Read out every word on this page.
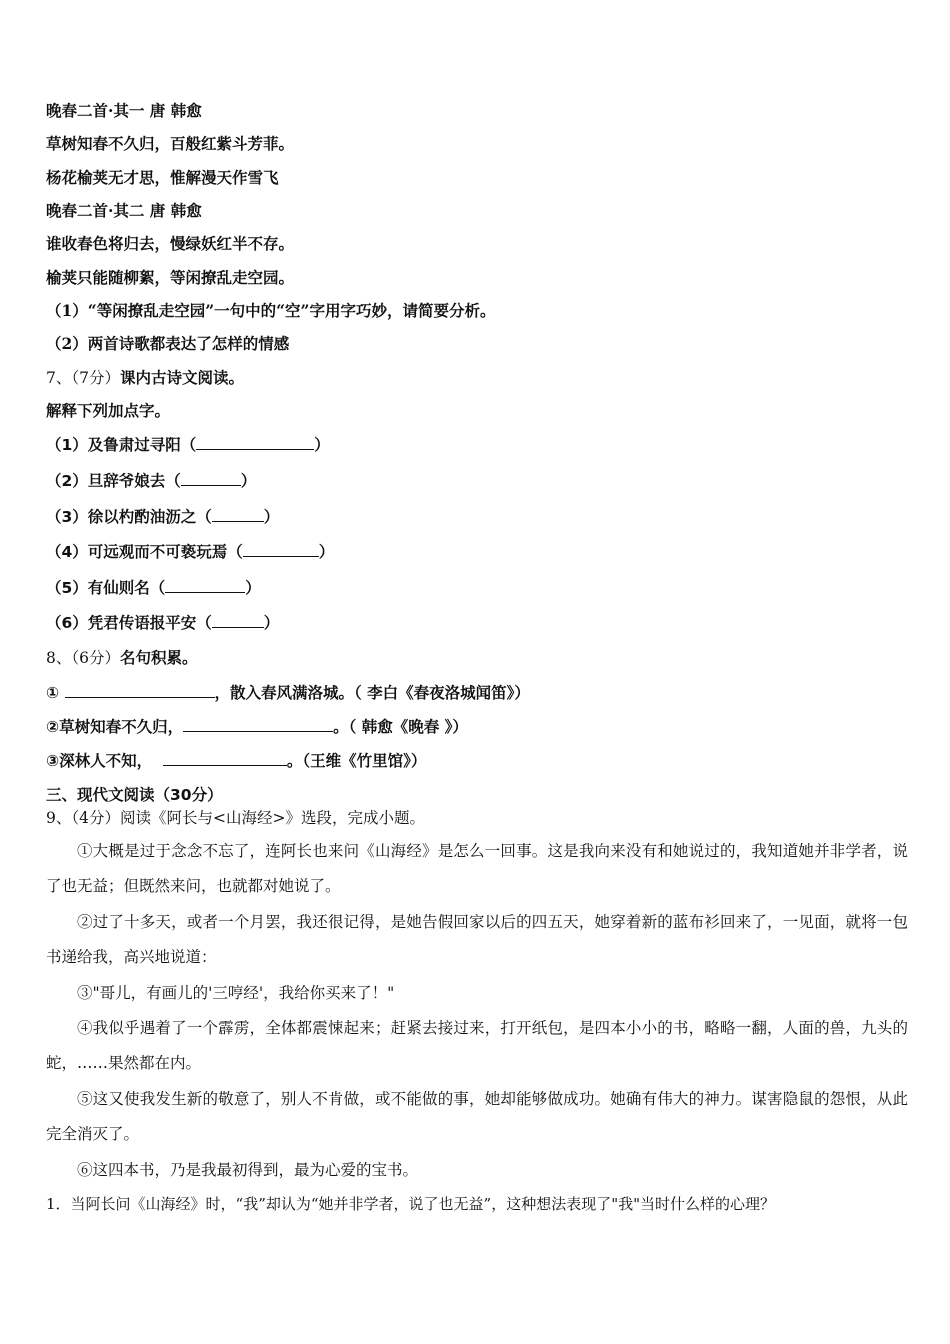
晚春二首·其一 唐 韩愈
草树知春不久归，百般红紫斗芳菲。
杨花榆荚无才思，惟解漫天作雪飞
晚春二首·其二 唐 韩愈
谁收春色将归去，慢绿妖红半不存。
榆荚只能随柳絮，等闲撩乱走空园。
（1）“等闲撩乱走空园”一句中的“空”字用字巧妙，请简要分析。
（2）两首诗歌都表达了怎样的情感
7、（7分）课内古诗文阅读。
解释下列加点字。
（1）及鲁肃过寻阳（	）
（2）旦辞爷娘去（	）
（3）徐以杓酌油沥之（	）
（4）可远观而不可亵玩焉（	）
（5）有仙则名（	）
（6）凭君传语报平安（	）
8、（6分）名句积累。
①	，散入春风满洛城。（ 李白《春夜洛城闻笛》）
②草树知春不久归，	。（ 韩愈《晚春 》）
③深林人不知，	。（王维《竹里馆》）
三、现代文阅读（30分）
9、（4分）阅读《阿长与<山海经>》选段，完成小题。
①大概是过于念念不忘了，连阿长也来问《山海经》是怎么一回事。这是我向来没有和她说过的，我知道她并非学者，说了也无益；但既然来问，也就都对她说了。
②过了十多天，或者一个月罢，我还很记得，是她告假回家以后的四五天，她穿着新的蓝布衫回来了，一见面，就将一包书递给我，高兴地说道：
③"哥儿，有画儿的'三哼经'，我给你买来了！"
④我似乎遇着了一个霹雳，全体都震悚起来；赶紧去接过来，打开纸包，是四本小小的书，略略一翻，人面的兽，九头的蛇，……果然都在内。
⑤这又使我发生新的敬意了，别人不肯做，或不能做的事，她却能够做成功。她确有伟大的神力。谋害隐鼠的怨恨，从此完全消灭了。
⑥这四本书，乃是我最初得到，最为心爱的宝书。
1．当阿长问《山海经》时，“我”却认为“她并非学者，说了也无益”，这种想法表现了"我"当时什么样的心理？
